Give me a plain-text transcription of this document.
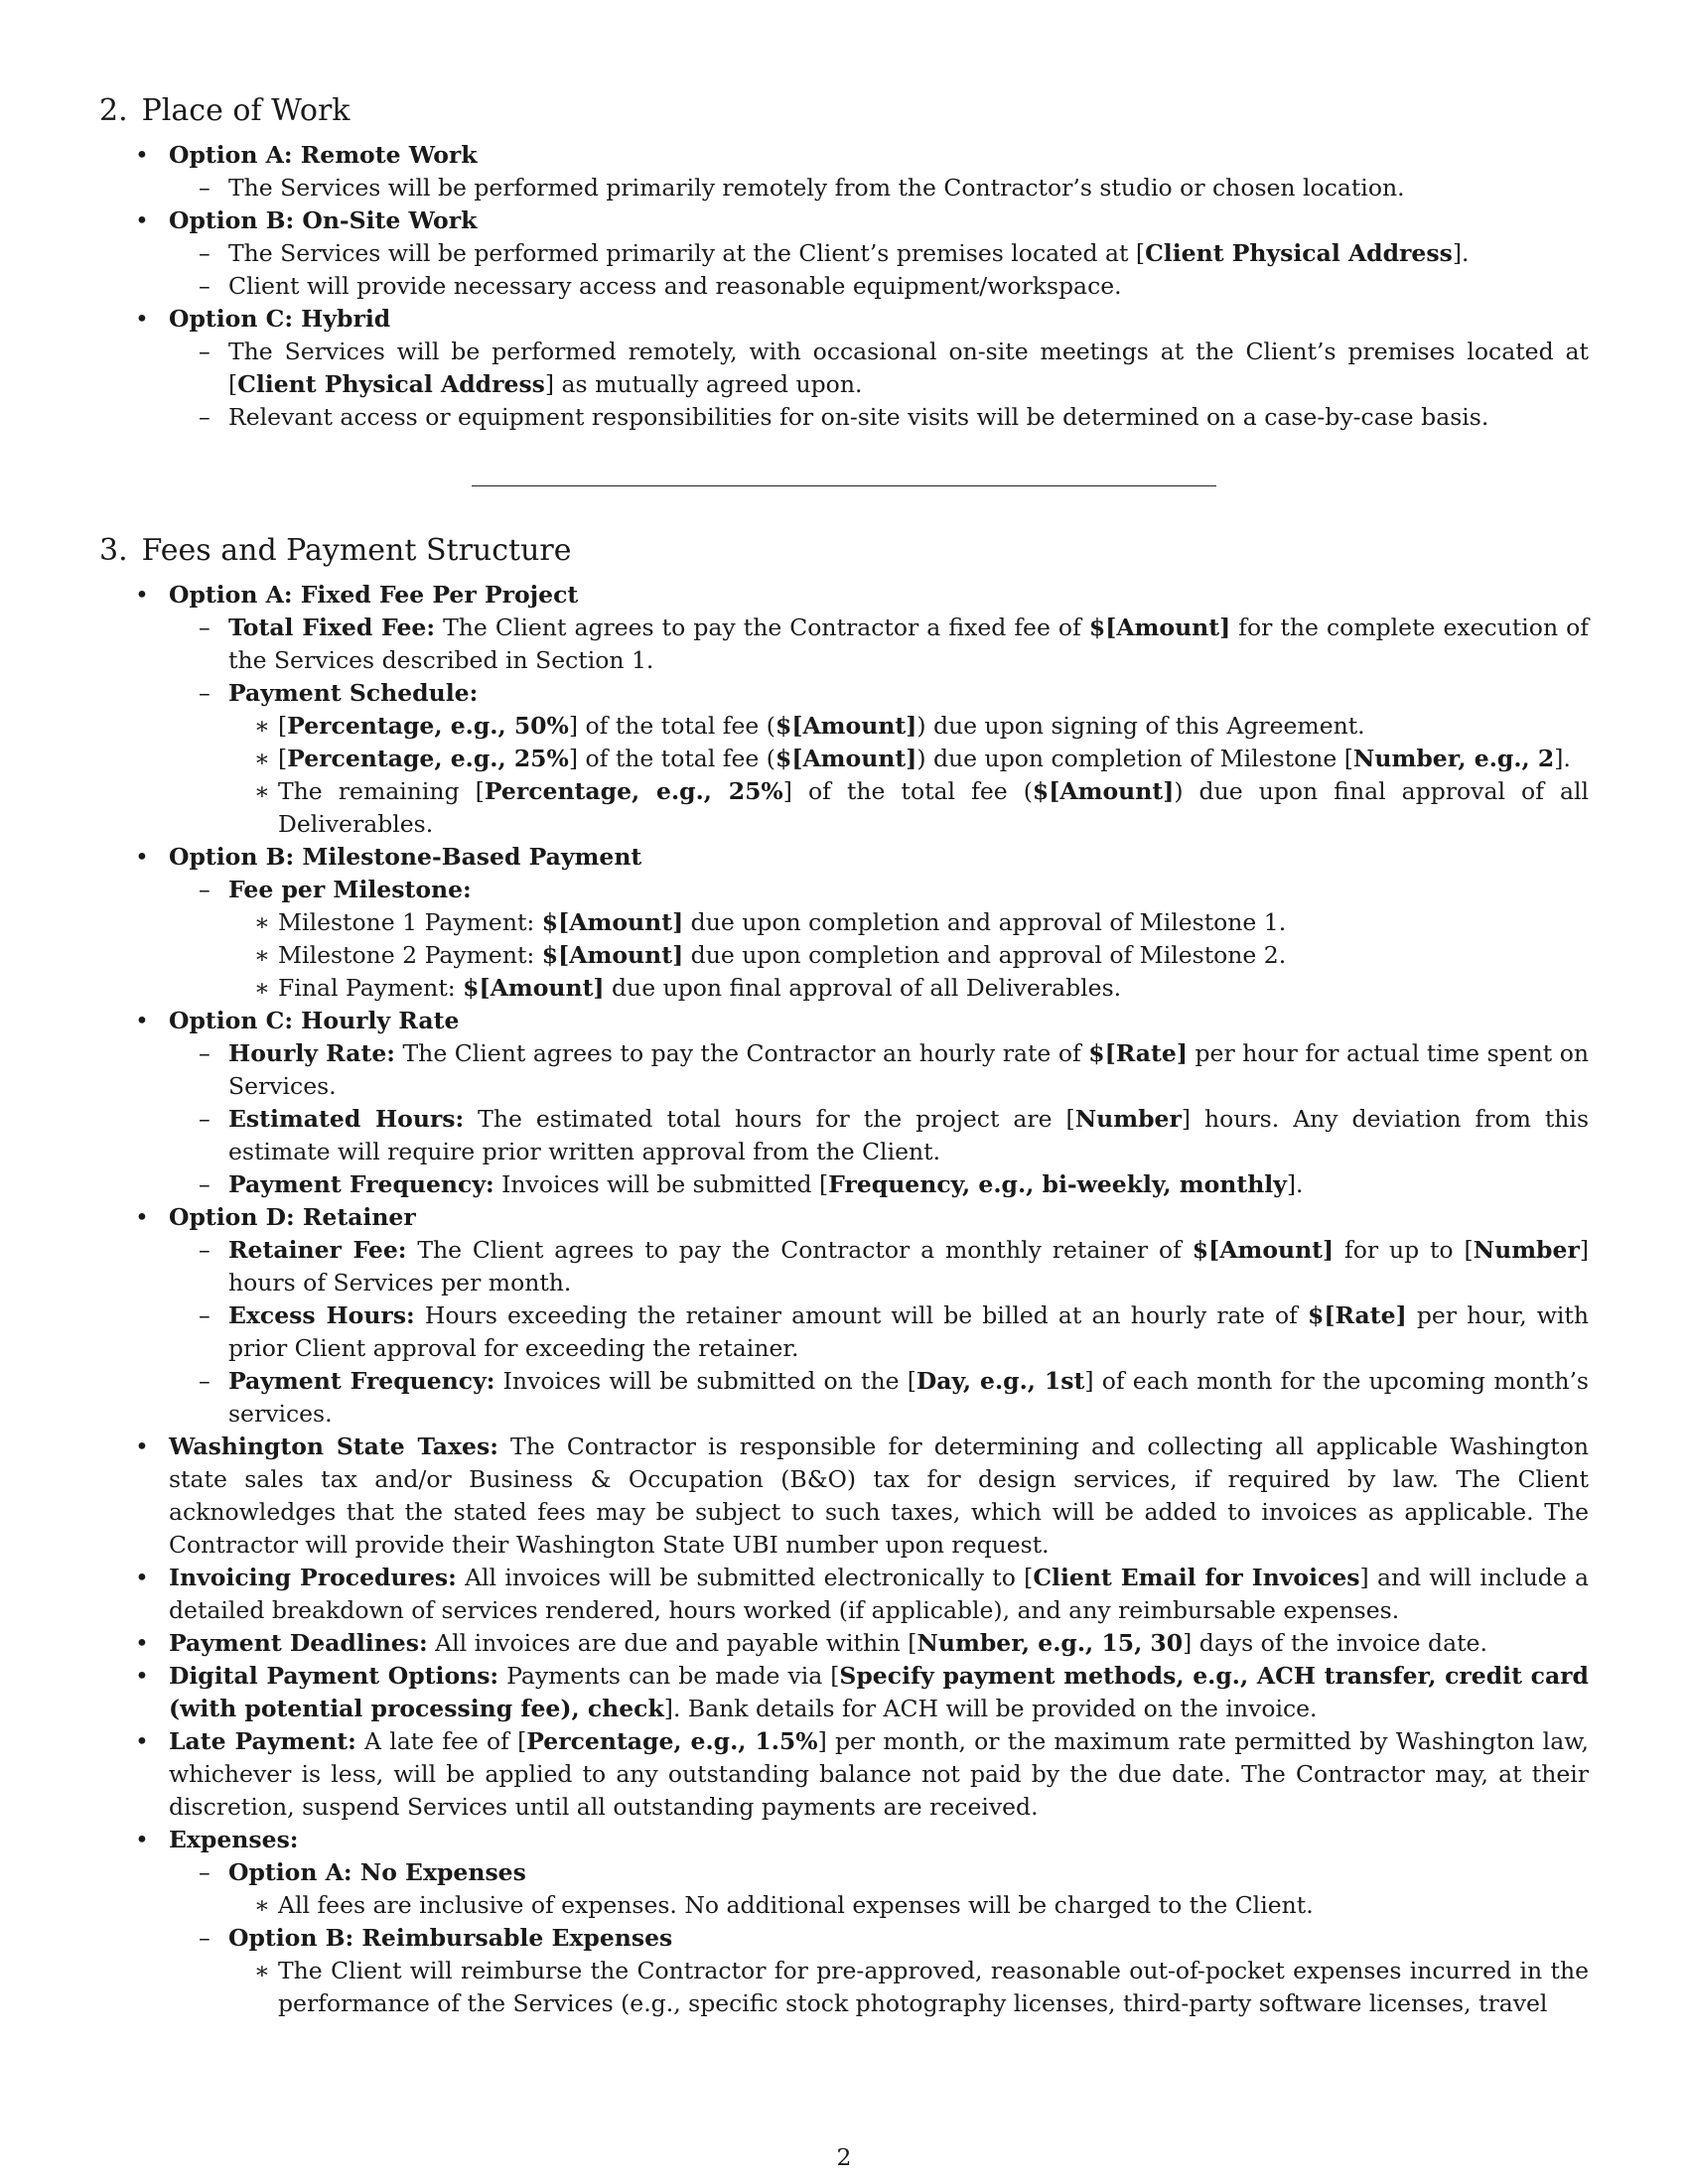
2. Place of Work
• Option A: Remote Work
– The Services will be performed primarily remotely from the Contractor’s studio or chosen location.
• Option B: On-Site Work
– The Services will be performed primarily at the Client’s premises located at [Client Physical Address].
– Client will provide necessary access and reasonable equipment/workspace.
• Option C: Hybrid
– The Services will be performed remotely, with occasional on-site meetings at the Client’s premises located at [Client Physical Address] as mutually agreed upon.
– Relevant access or equipment responsibilities for on-site visits will be determined on a case-by-case basis.
3. Fees and Payment Structure
• Option A: Fixed Fee Per Project
– Total Fixed Fee: The Client agrees to pay the Contractor a fixed fee of $[Amount] for the complete execution of the Services described in Section 1.
– Payment Schedule:
∗ [Percentage, e.g., 50%] of the total fee ($[Amount]) due upon signing of this Agreement.
∗ [Percentage, e.g., 25%] of the total fee ($[Amount]) due upon completion of Milestone [Number, e.g., 2].
∗ The remaining [Percentage, e.g., 25%] of the total fee ($[Amount]) due upon final approval of all Deliverables.
• Option B: Milestone-Based Payment
– Fee per Milestone:
∗ Milestone 1 Payment: $[Amount] due upon completion and approval of Milestone 1.
∗ Milestone 2 Payment: $[Amount] due upon completion and approval of Milestone 2.
∗ Final Payment: $[Amount] due upon final approval of all Deliverables.
• Option C: Hourly Rate
– Hourly Rate: The Client agrees to pay the Contractor an hourly rate of $[Rate] per hour for actual time spent on Services.
– Estimated Hours: The estimated total hours for the project are [Number] hours. Any deviation from this estimate will require prior written approval from the Client.
– Payment Frequency: Invoices will be submitted [Frequency, e.g., bi-weekly, monthly].
• Option D: Retainer
– Retainer Fee: The Client agrees to pay the Contractor a monthly retainer of $[Amount] for up to [Number] hours of Services per month.
– Excess Hours: Hours exceeding the retainer amount will be billed at an hourly rate of $[Rate] per hour, with prior Client approval for exceeding the retainer.
– Payment Frequency: Invoices will be submitted on the [Day, e.g., 1st] of each month for the upcoming month’s services.
• Washington State Taxes: The Contractor is responsible for determining and collecting all applicable Washington state sales tax and/or Business & Occupation (B&O) tax for design services, if required by law. The Client acknowledges that the stated fees may be subject to such taxes, which will be added to invoices as applicable. The Contractor will provide their Washington State UBI number upon request.
• Invoicing Procedures: All invoices will be submitted electronically to [Client Email for Invoices] and will include a detailed breakdown of services rendered, hours worked (if applicable), and any reimbursable expenses.
• Payment Deadlines: All invoices are due and payable within [Number, e.g., 15, 30] days of the invoice date.
• Digital Payment Options: Payments can be made via [Specify payment methods, e.g., ACH transfer, credit card (with potential processing fee), check]. Bank details for ACH will be provided on the invoice.
• Late Payment: A late fee of [Percentage, e.g., 1.5%] per month, or the maximum rate permitted by Washington law, whichever is less, will be applied to any outstanding balance not paid by the due date. The Contractor may, at their discretion, suspend Services until all outstanding payments are received.
• Expenses:
– Option A: No Expenses
∗ All fees are inclusive of expenses. No additional expenses will be charged to the Client.
– Option B: Reimbursable Expenses
∗ The Client will reimburse the Contractor for pre-approved, reasonable out-of-pocket expenses incurred in the performance of the Services (e.g., specific stock photography licenses, third-party software licenses, travel
2
